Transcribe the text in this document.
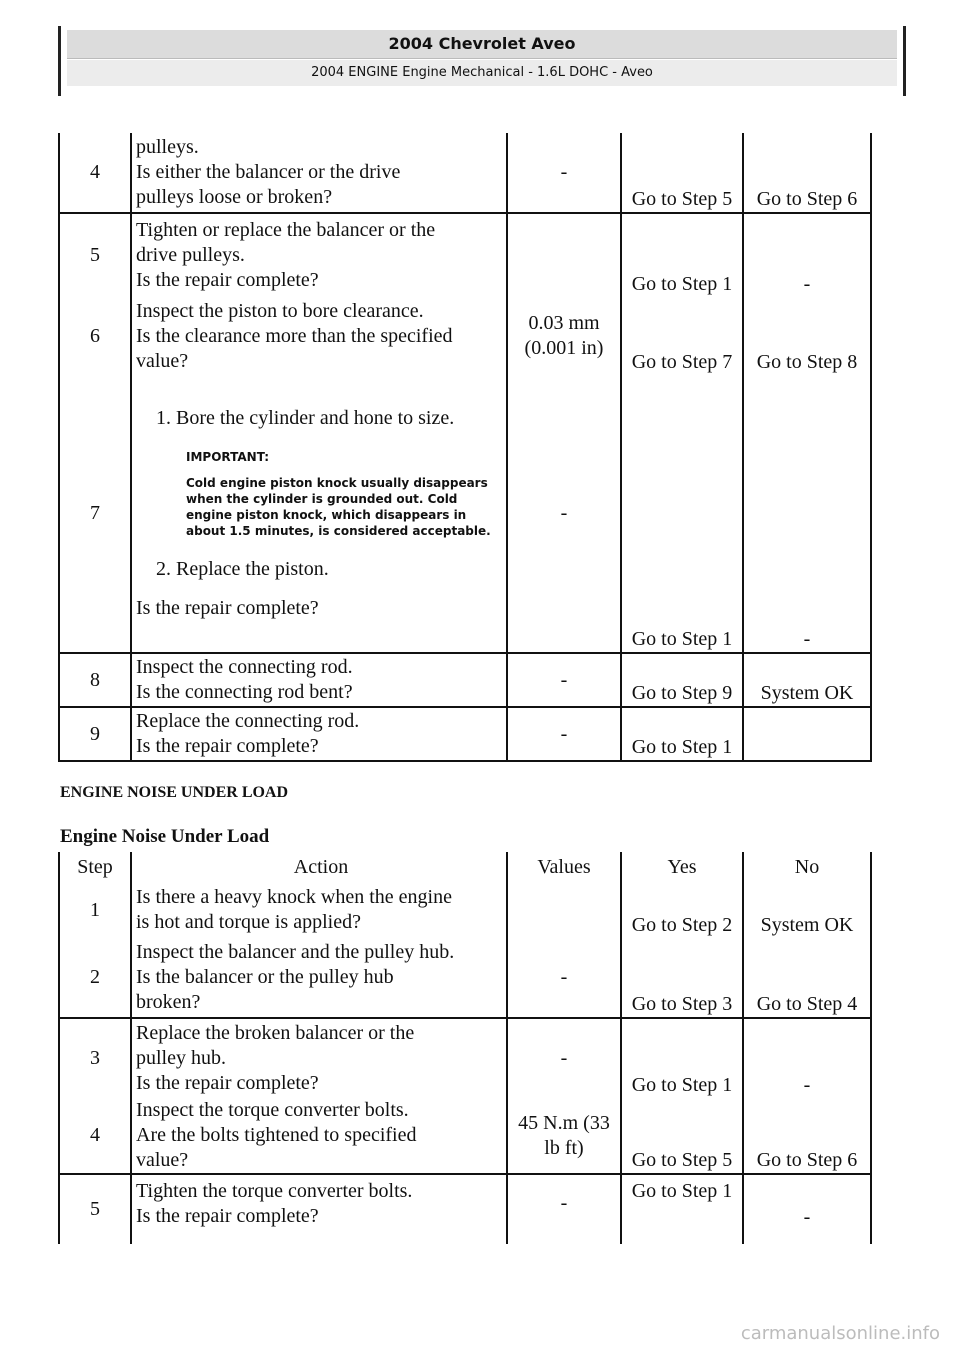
2004 Chevrolet Aveo
2004 ENGINE Engine Mechanical - 1.6L DOHC - Aveo
4	pulleys.
Is either the balancer or the drive
pulleys loose or broken?	-	Go to Step 5	Go to Step 6
5	Tighten or replace the balancer or the
drive pulleys.
Is the repair complete?		Go to Step 1	-
6	Inspect the piston to bore clearance.
Is the clearance more than the specified
value?	0.03 mm (0.001 in)	Go to Step 7	Go to Step 8
7	1. Bore the cylinder and hone to size.
IMPORTANT:
Cold engine piston knock usually disappears when the cylinder is grounded out. Cold engine piston knock, which disappears in about 1.5 minutes, is considered acceptable.
2. Replace the piston.
Is the repair complete?	-	Go to Step 1	-
8	Inspect the connecting rod.
Is the connecting rod bent?	-	Go to Step 9	System OK
9	Replace the connecting rod.
Is the repair complete?	-	Go to Step 1	
ENGINE NOISE UNDER LOAD
Engine Noise Under Load
Step	Action	Values	Yes	No
1	Is there a heavy knock when the engine
is hot and torque is applied?		Go to Step 2	System OK
2	Inspect the balancer and the pulley hub.
Is the balancer or the pulley hub
broken?	-	Go to Step 3	Go to Step 4
3	Replace the broken balancer or the
pulley hub.
Is the repair complete?	-	Go to Step 1	-
4	Inspect the torque converter bolts.
Are the bolts tightened to specified
value?	45 N.m (33 lb ft)	Go to Step 5	Go to Step 6
5	Tighten the torque converter bolts.
Is the repair complete?	-	Go to Step 1	-
carmanualsonline.info
